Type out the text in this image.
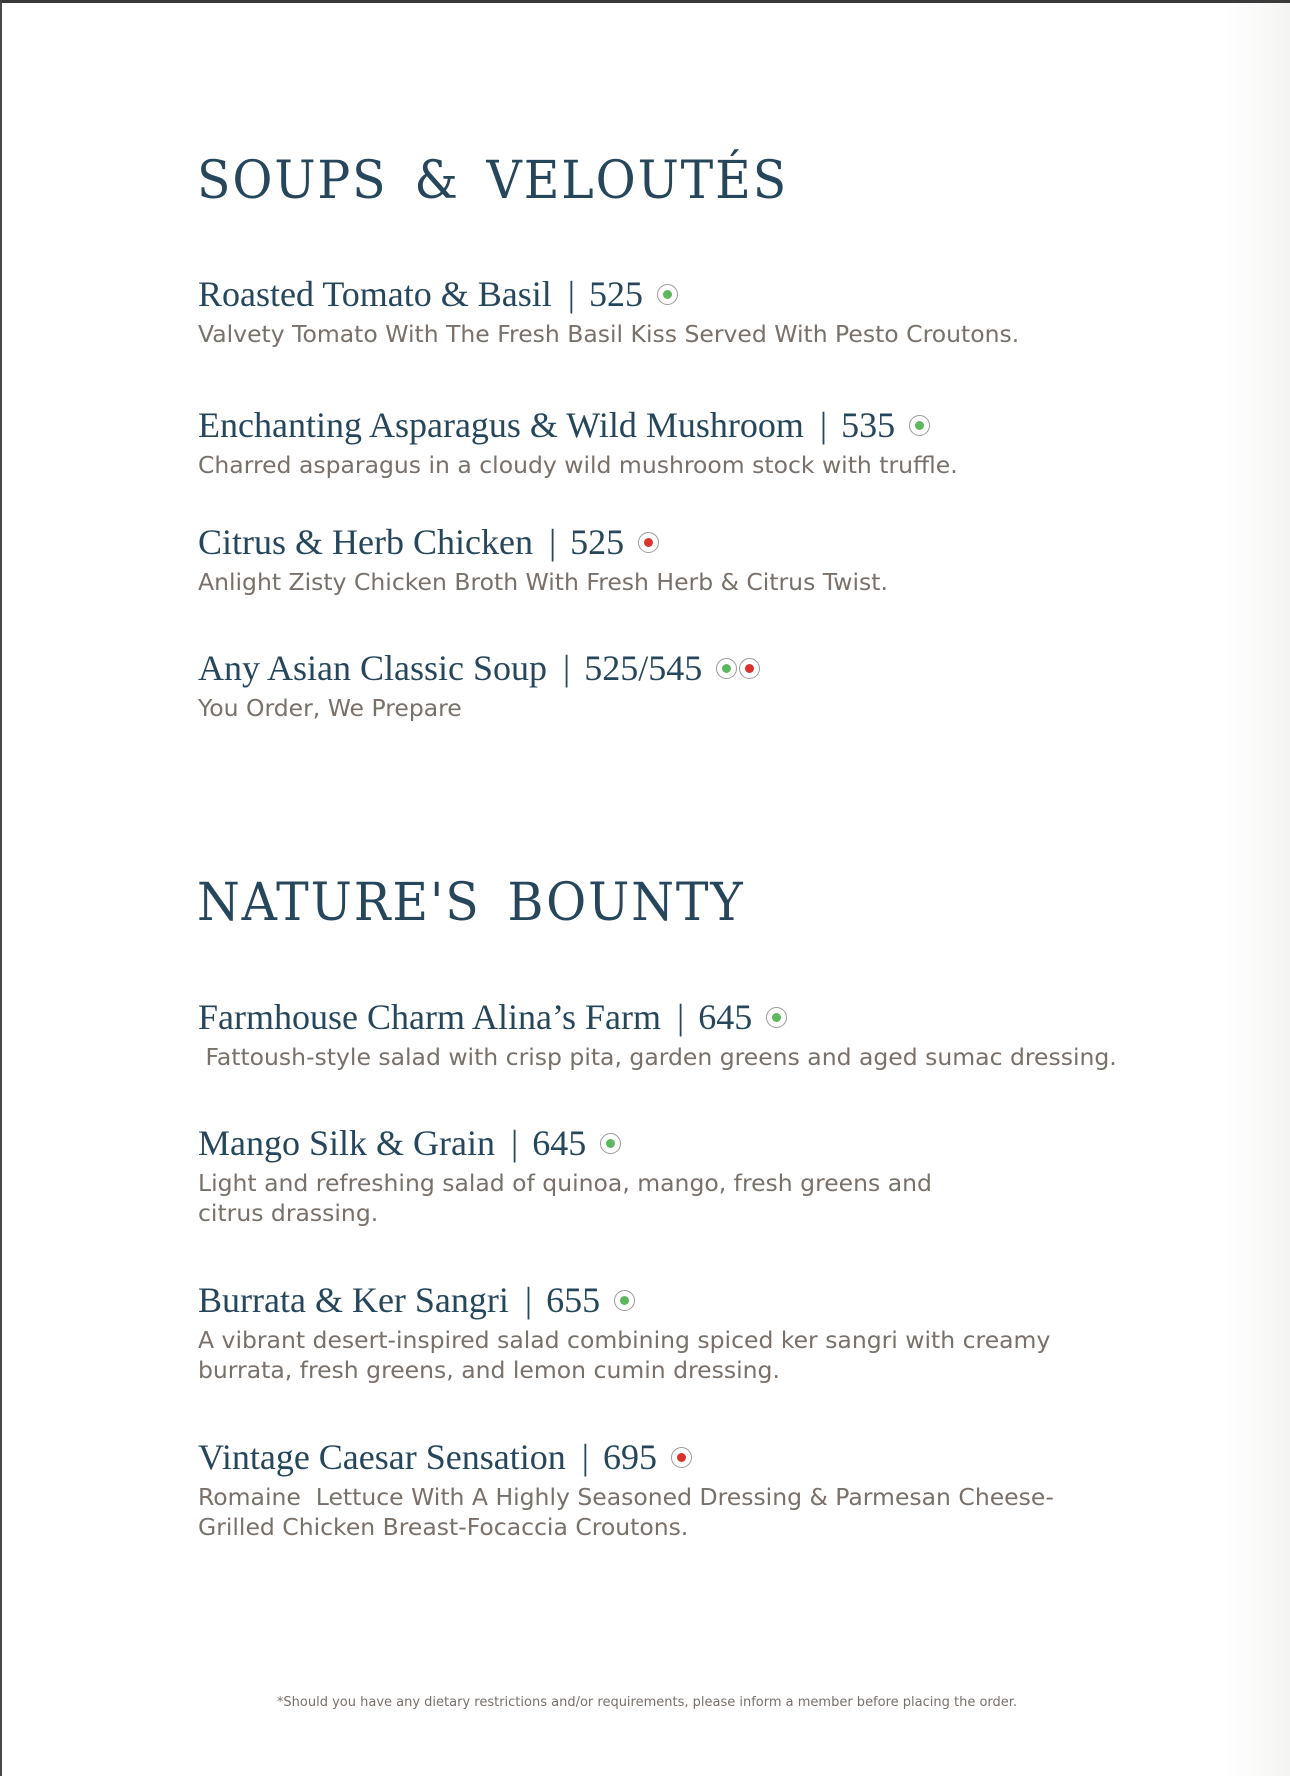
SOUPS & VELOUTÉS
Roasted Tomato & Basil | 525
Valvety Tomato With The Fresh Basil Kiss Served With Pesto Croutons.
Enchanting Asparagus & Wild Mushroom | 535
Charred asparagus in a cloudy wild mushroom stock with truffle.
Citrus & Herb Chicken | 525
Anlight Zisty Chicken Broth With Fresh Herb & Citrus Twist.
Any Asian Classic Soup | 525/545
You Order, We Prepare
NATURE'S BOUNTY
Farmhouse Charm Alina’s Farm | 645
Fattoush-style salad with crisp pita, garden greens and aged sumac dressing.
Mango Silk & Grain | 645
Light and refreshing salad of quinoa, mango, fresh greens and
citrus drassing.
Burrata & Ker Sangri | 655
A vibrant desert-inspired salad combining spiced ker sangri with creamy
burrata, fresh greens, and lemon cumin dressing.
Vintage Caesar Sensation | 695
Romaine  Lettuce With A Highly Seasoned Dressing & Parmesan Cheese-
Grilled Chicken Breast-Focaccia Croutons.
*Should you have any dietary restrictions and/or requirements, please inform a member before placing the order.
